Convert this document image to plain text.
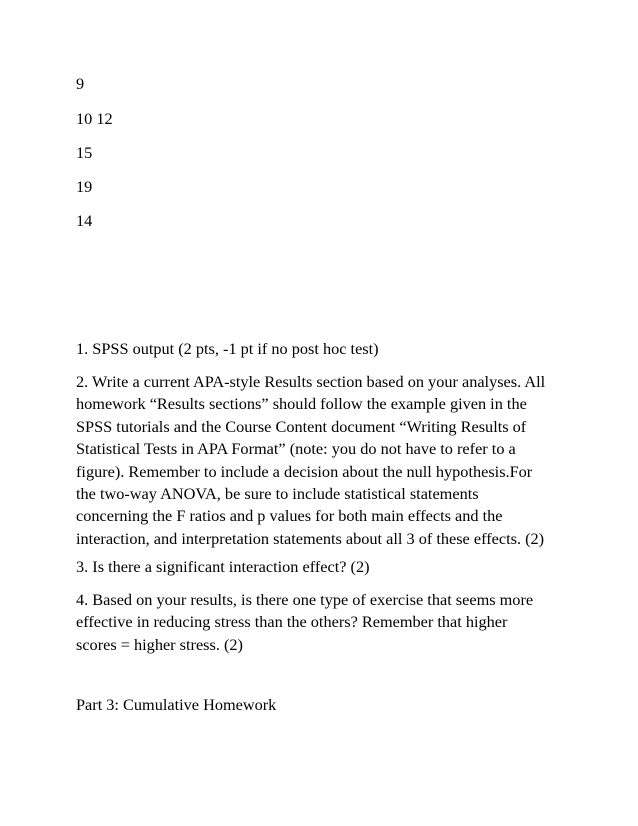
9
10 12
15
19
14
1. SPSS output (2 pts, -1 pt if no post hoc test)
2. Write a current APA-style Results section based on your analyses. All
homework “Results sections” should follow the example given in the
SPSS tutorials and the Course Content document “Writing Results of
Statistical Tests in APA Format” (note: you do not have to refer to a
figure). Remember to include a decision about the null hypothesis.For
the two-way ANOVA, be sure to include statistical statements
concerning the F ratios and p values for both main effects and the
interaction, and interpretation statements about all 3 of these effects. (2)
3. Is there a significant interaction effect? (2)
4. Based on your results, is there one type of exercise that seems more
effective in reducing stress than the others? Remember that higher
scores = higher stress. (2)
Part 3: Cumulative Homework
